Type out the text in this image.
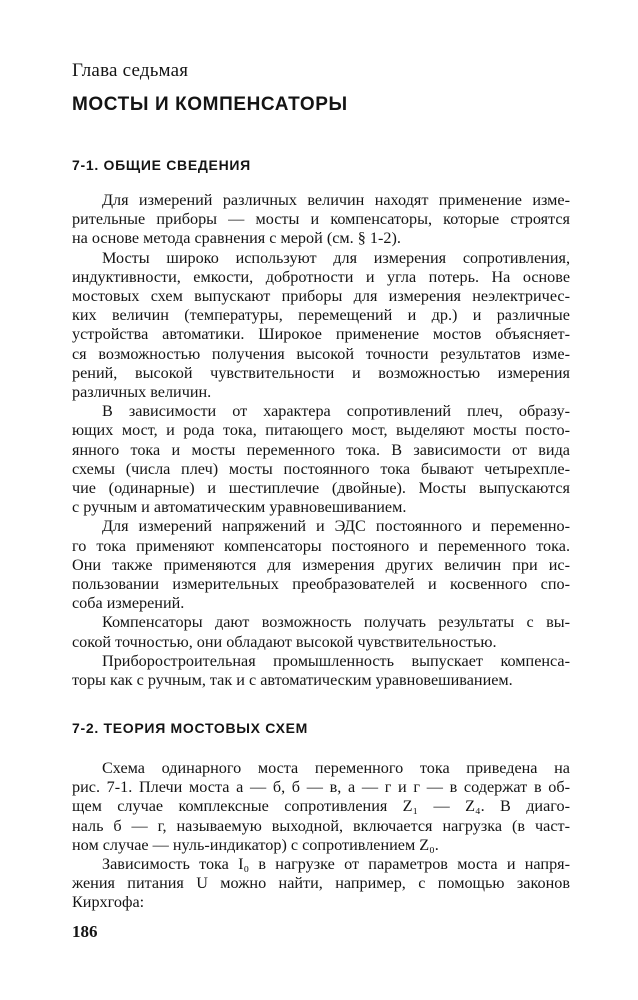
Глава седьмая
МОСТЫ И КОМПЕНСАТОРЫ
7-1. ОБЩИЕ СВЕДЕНИЯ
Для измерений различных величин находят применение изме-
рительные приборы — мосты и компенсаторы, которые строятся
на основе метода сравнения с мерой (см. § 1-2).
Мосты широко используют для измерения сопротивления,
индуктивности, емкости, добротности и угла потерь. На основе
мостовых схем выпускают приборы для измерения неэлектричес-
ких величин (температуры, перемещений и др.) и различные
устройства автоматики. Широкое применение мостов объясняет-
ся возможностью получения высокой точности результатов изме-
рений, высокой чувствительности и возможностью измерения
различных величин.
В зависимости от характера сопротивлений плеч, образу-
ющих мост, и рода тока, питающего мост, выделяют мосты посто-
янного тока и мосты переменного тока. В зависимости от вида
схемы (числа плеч) мосты постоянного тока бывают четырехпле-
чие (одинарные) и шестиплечие (двойные). Мосты выпускаются
с ручным и автоматическим уравновешиванием.
Для измерений напряжений и ЭДС постоянного и переменно-
го тока применяют компенсаторы постояного и переменного тока.
Они также применяются для измерения других величин при ис-
пользовании измерительных преобразователей и косвенного спо-
соба измерений.
Компенсаторы дают возможность получать результаты с вы-
сокой точностью, они обладают высокой чувствительностью.
Приборостроительная промышленность выпускает компенса-
торы как с ручным, так и с автоматическим уравновешиванием.
7-2. ТЕОРИЯ МОСТОВЫХ СХЕМ
Схема одинарного моста переменного тока приведена на
рис. 7-1. Плечи моста а — б, б — в, а — г и г — в содержат в об-
щем случае комплексные сопротивления Z₁ — Z₄. В диаго-
наль б — г, называемую выходной, включается нагрузка (в част-
ном случае — нуль-индикатор) с сопротивлением Z₀.
Зависимость тока I₀ в нагрузке от параметров моста и напря-
жения питания U можно найти, например, с помощью законов
Кирхгофа:
186
